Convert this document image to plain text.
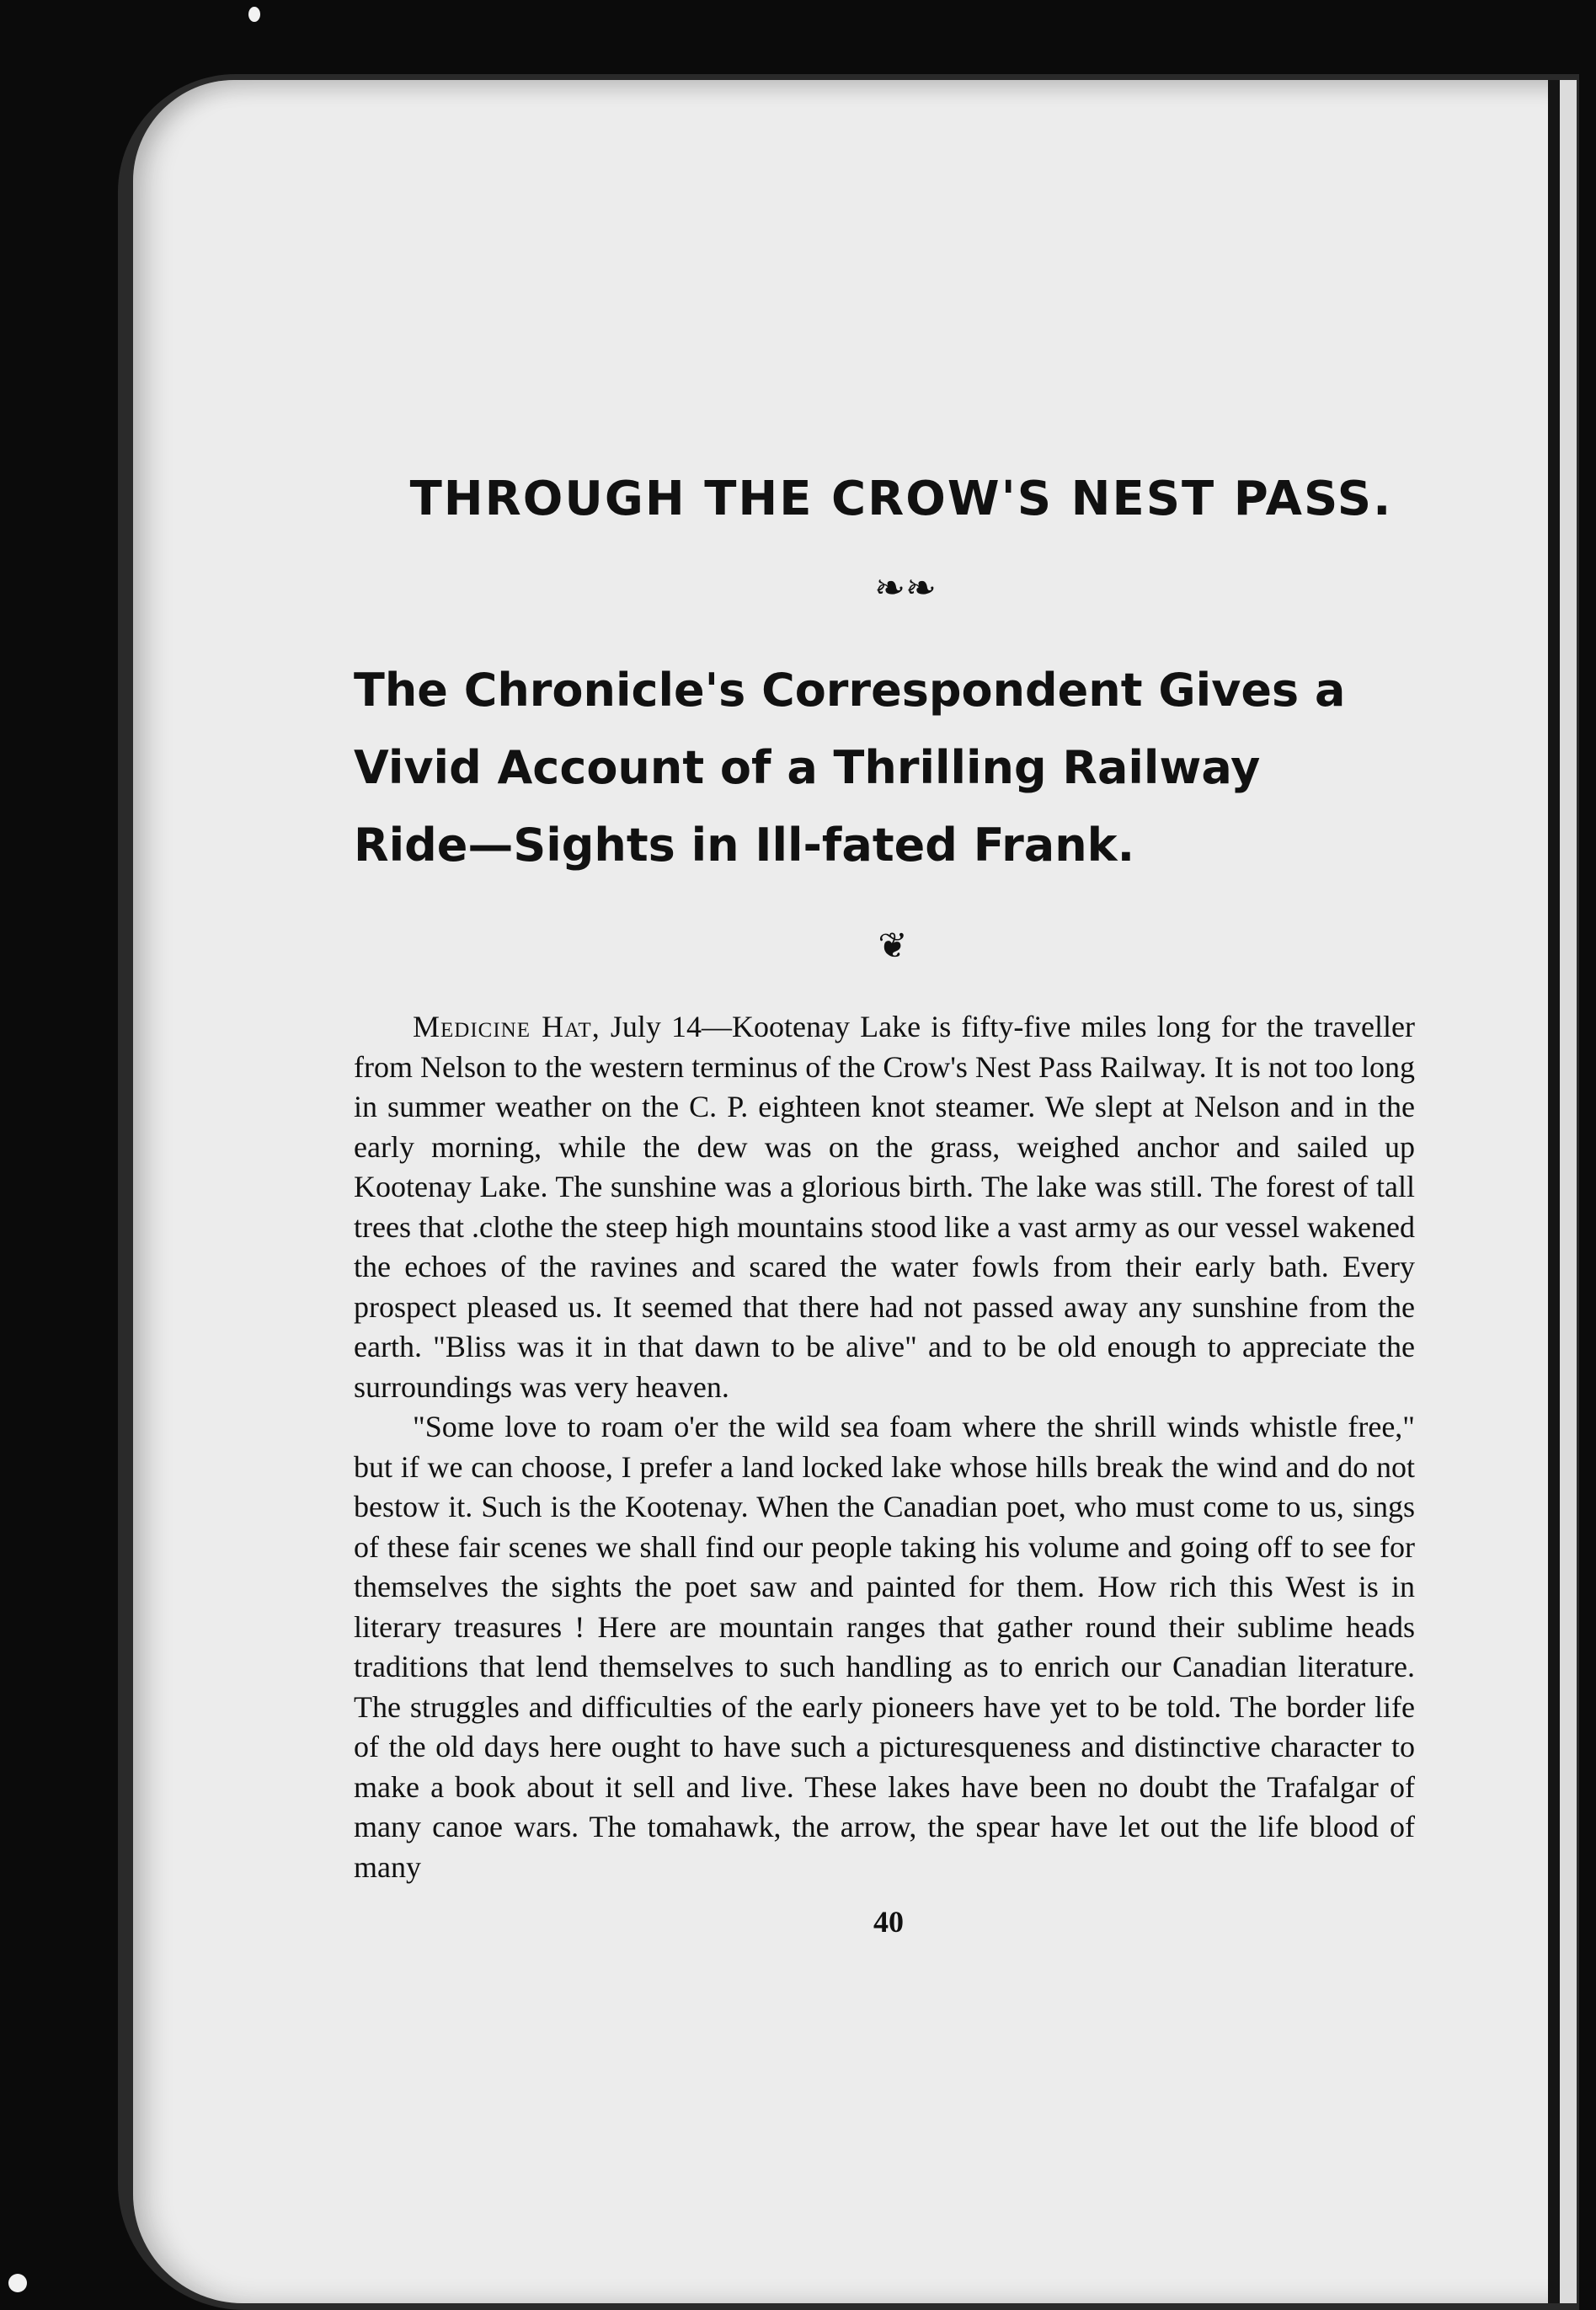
THROUGH THE CROW'S NEST PASS.
❧❧
The Chronicle's Correspondent Gives a
Vivid Account of a Thrilling Railway
Ride—Sights in Ill-fated Frank.
❦

Medicine Hat, July 14—Kootenay Lake is fifty-five miles long for the traveller from Nelson to the western terminus of the Crow's Nest Pass Railway. It is not too long in summer weather on the C. P. eighteen knot steamer. We slept at Nelson and in the early morning, while the dew was on the grass, weighed anchor and sailed up Kootenay Lake. The sunshine was a glorious birth. The lake was still. The forest of tall trees that .clothe the steep high mountains stood like a vast army as our vessel wakened the echoes of the ravines and scared the water fowls from their early bath. Every prospect pleased us. It seemed that there had not passed away any sunshine from the earth. "Bliss was it in that dawn to be alive" and to be old enough to appreciate the surroundings was very heaven.

"Some love to roam o'er the wild sea foam where the shrill winds whistle free," but if we can choose, I prefer a land locked lake whose hills break the wind and do not bestow it. Such is the Kootenay. When the Canadian poet, who must come to us, sings of these fair scenes we shall find our people taking his volume and going off to see for themselves the sights the poet saw and painted for them. How rich this West is in literary treasures ! Here are mountain ranges that gather round their sublime heads traditions that lend themselves to such handling as to enrich our Canadian literature. The struggles and difficulties of the early pioneers have yet to be told. The border life of the old days here ought to have such a picturesqueness and distinctive character to make a book about it sell and live. These lakes have been no doubt the Trafalgar of many canoe wars. The tomahawk, the arrow, the spear have let out the life blood of many

40
